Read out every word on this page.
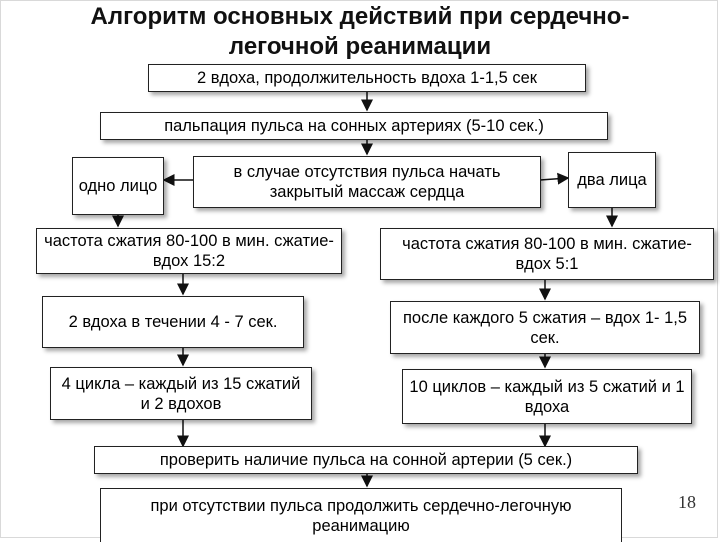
Алгоритм основных действий при сердечно-
легочной реанимации
2 вдоха, продолжительность вдоха 1-1,5 сек
пальпация пульса на сонных артериях (5-10 сек.)
одно лицо
в случае отсутствия пульса начать закрытый массаж сердца
два лица
частота сжатия 80-100 в мин. сжатие-вдох 15:2
частота сжатия 80-100 в мин. сжатие-вдох 5:1
2 вдоха в течении 4 - 7 сек.	после каждого 5 сжатия – вдох 1- 1,5 сек.
4 цикла – каждый из 15 сжатий и 2 вдохов
10 циклов – каждый из 5 сжатий и 1 вдоха
проверить наличие пульса на сонной артерии (5 сек.)
при отсутствии пульса продолжить сердечно-легочную реанимацию
18
